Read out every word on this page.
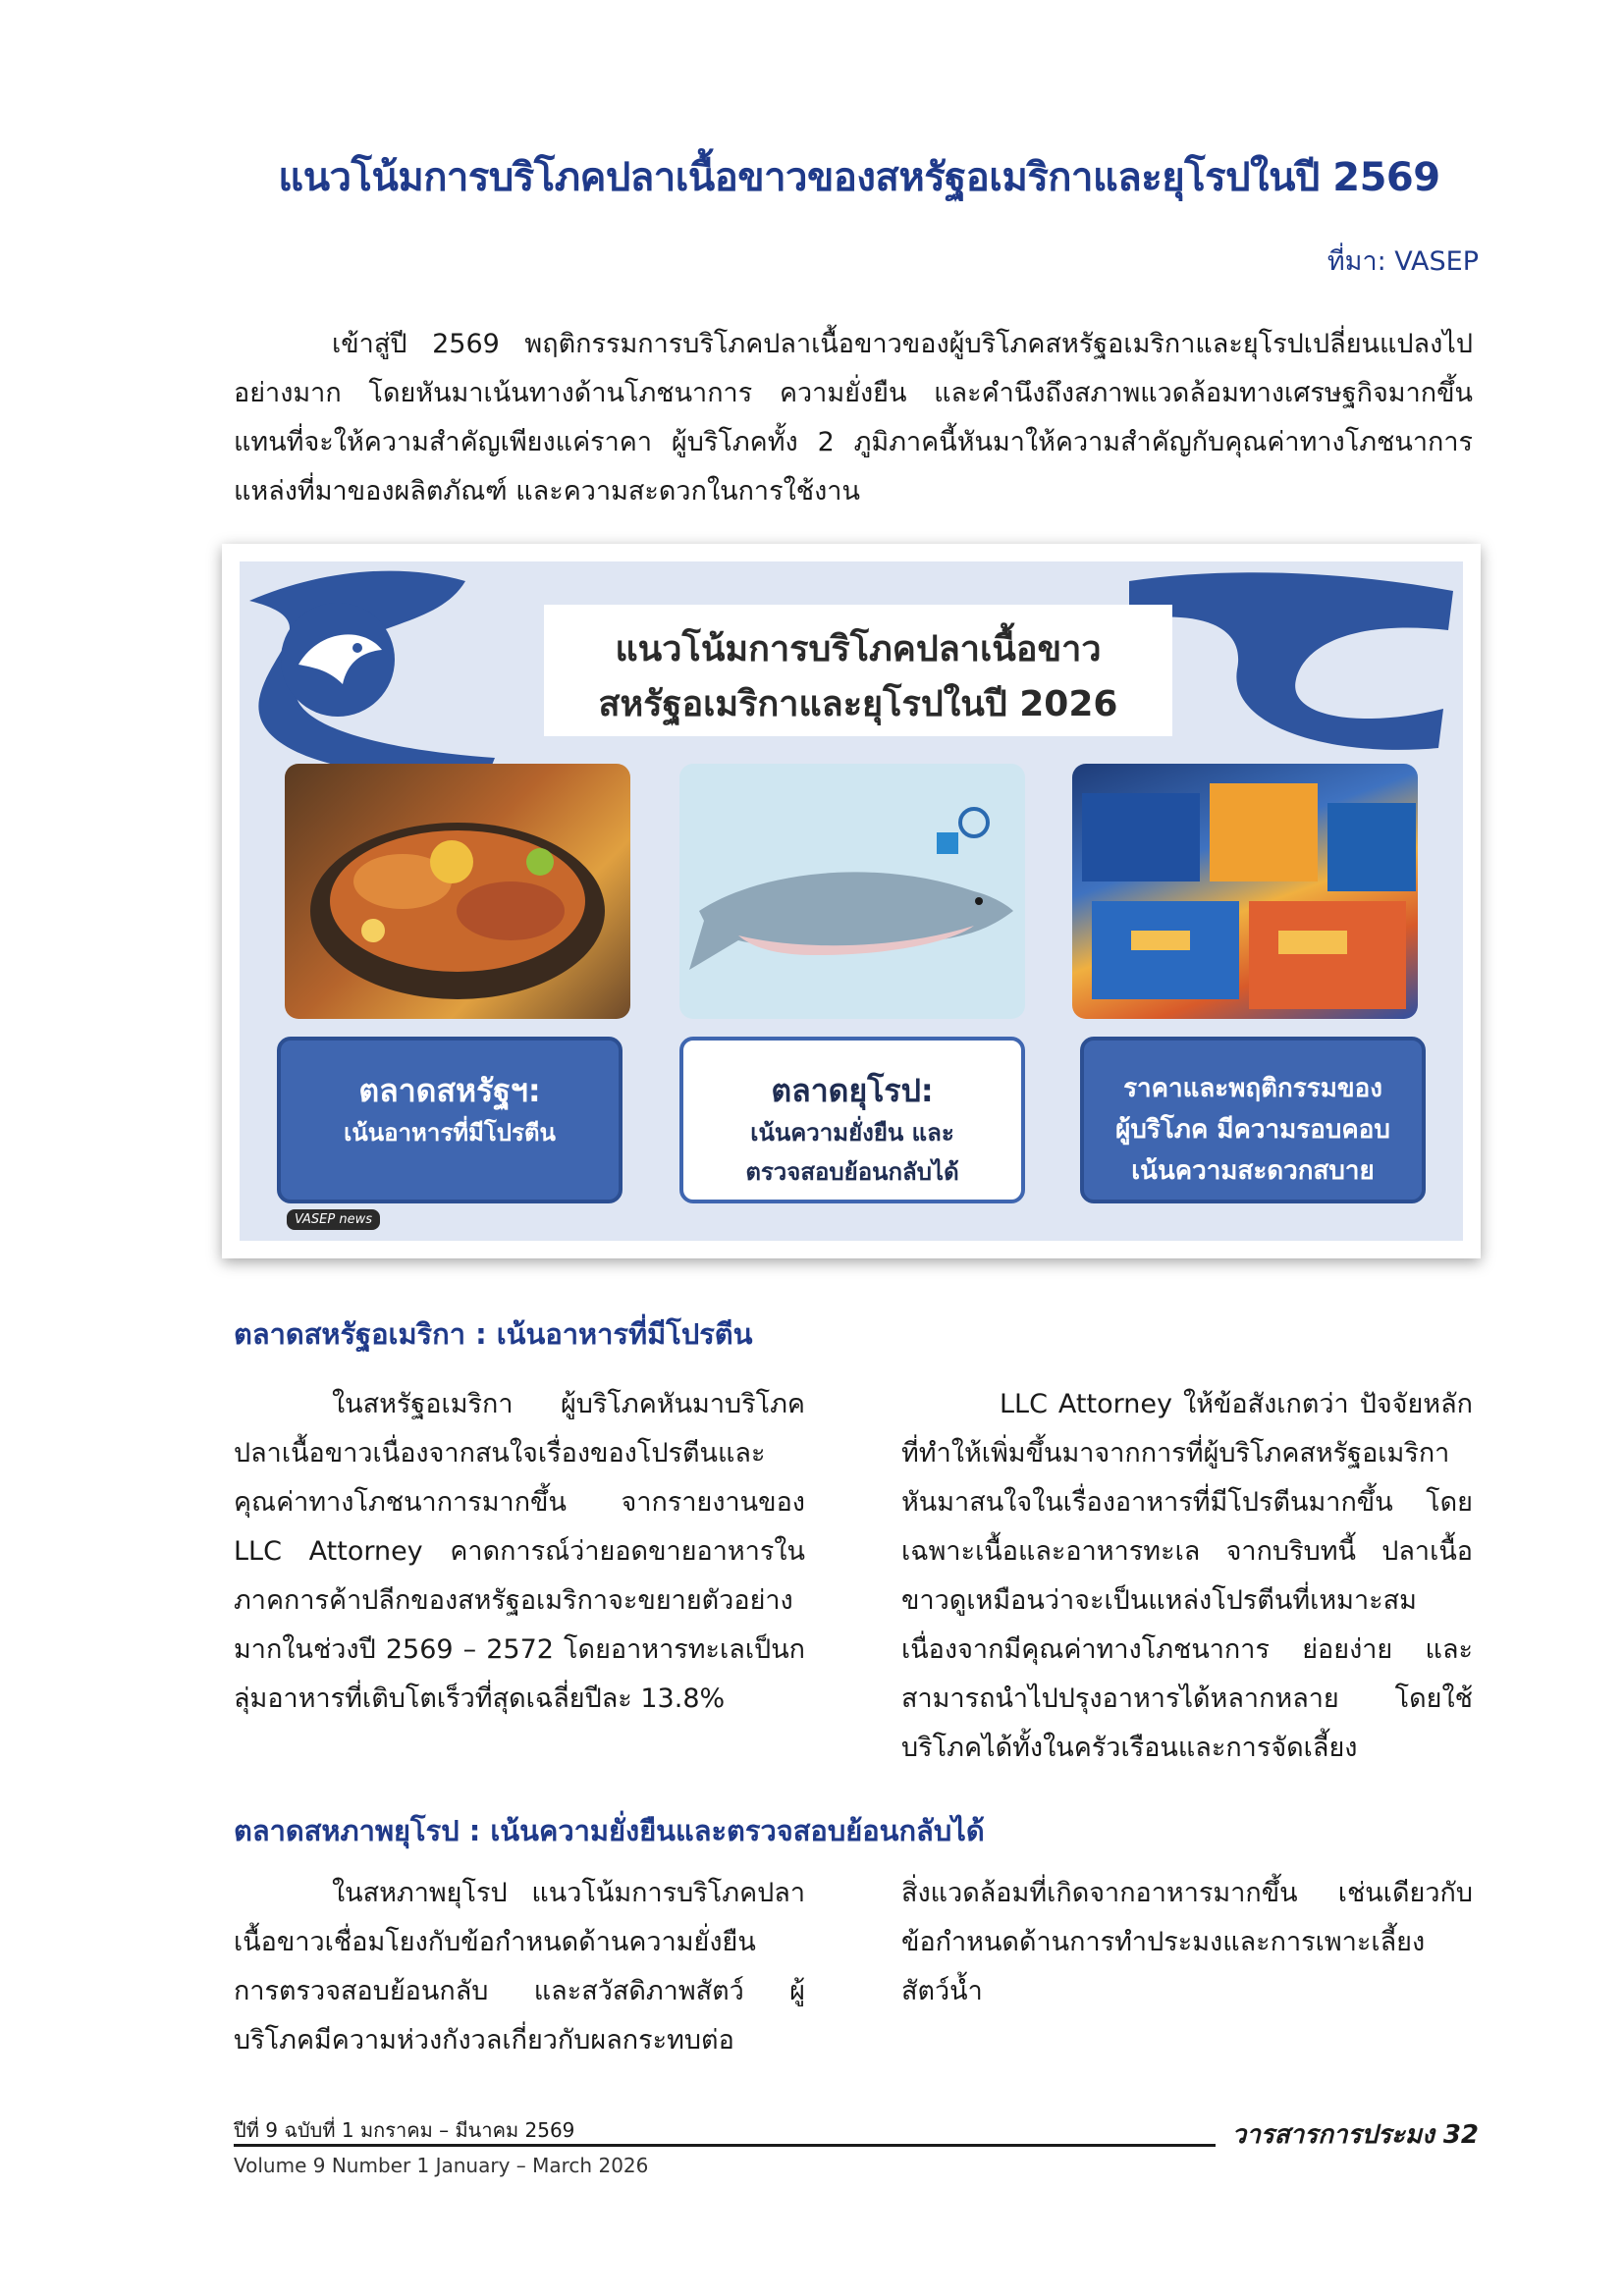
แนวโน้มการบริโภคปลาเนื้อขาวของสหรัฐอเมริกาและยุโรปในปี 2569
ที่มา: VASEP
เข้าสู่ปี 2569 พฤติกรรมการบริโภคปลาเนื้อขาวของผู้บริโภคสหรัฐอเมริกาและยุโรปเปลี่ยนแปลงไปอย่างมาก โดยหันมาเน้นทางด้านโภชนาการ ความยั่งยืน และคำนึงถึงสภาพแวดล้อมทางเศรษฐกิจมากขึ้น แทนที่จะให้ความสำคัญเพียงแค่ราคา ผู้บริโภคทั้ง 2 ภูมิภาคนี้หันมาให้ความสำคัญกับคุณค่าทางโภชนาการ แหล่งที่มาของผลิตภัณฑ์ และความสะดวกในการใช้งาน
แนวโน้มการบริโภคปลาเนื้อขาว
สหรัฐอเมริกาและยุโรปในปี 2026
ตลาดสหรัฐฯ:
เน้นอาหารที่มีโปรตีน
ตลาดยุโรป:
เน้นความยั่งยืน และ
ตรวจสอบย้อนกลับได้
ราคาและพฤติกรรมของ
ผู้บริโภค มีความรอบคอบ
เน้นความสะดวกสบาย
VASEP news
ตลาดสหรัฐอเมริกา : เน้นอาหารที่มีโปรตีน
ในสหรัฐอเมริกา ผู้บริโภคหันมาบริโภคปลาเนื้อขาวเนื่องจากสนใจเรื่องของโปรตีนและคุณค่าทางโภชนาการมากขึ้น จากรายงานของ LLC Attorney คาดการณ์ว่ายอดขายอาหารในภาคการค้าปลีกของสหรัฐอเมริกาจะขยายตัวอย่างมากในช่วงปี 2569 – 2572 โดยอาหารทะเลเป็นกลุ่มอาหารที่เติบโตเร็วที่สุดเฉลี่ยปีละ 13.8%
LLC Attorney ให้ข้อสังเกตว่า ปัจจัยหลักที่ทำให้เพิ่มขึ้นมาจากการที่ผู้บริโภคสหรัฐอเมริกาหันมาสนใจในเรื่องอาหารที่มีโปรตีนมากขึ้น โดยเฉพาะเนื้อและอาหารทะเล จากบริบทนี้ ปลาเนื้อขาวดูเหมือนว่าจะเป็นแหล่งโปรตีนที่เหมาะสม เนื่องจากมีคุณค่าทางโภชนาการ ย่อยง่าย และสามารถนำไปปรุงอาหารได้หลากหลาย โดยใช้บริโภคได้ทั้งในครัวเรือนและการจัดเลี้ยง
ตลาดสหภาพยุโรป : เน้นความยั่งยืนและตรวจสอบย้อนกลับได้
ในสหภาพยุโรป แนวโน้มการบริโภคปลาเนื้อขาวเชื่อมโยงกับข้อกำหนดด้านความยั่งยืน การตรวจสอบย้อนกลับ และสวัสดิภาพสัตว์ ผู้บริโภคมีความห่วงกังวลเกี่ยวกับผลกระทบต่อ
สิ่งแวดล้อมที่เกิดจากอาหารมากขึ้น เช่นเดียวกับข้อกำหนดด้านการทำประมงและการเพาะเลี้ยงสัตว์น้ำ
ปีที่ 9 ฉบับที่ 1 มกราคม – มีนาคม 2569
Volume 9 Number 1 January – March 2026
วารสารการประมง 32
